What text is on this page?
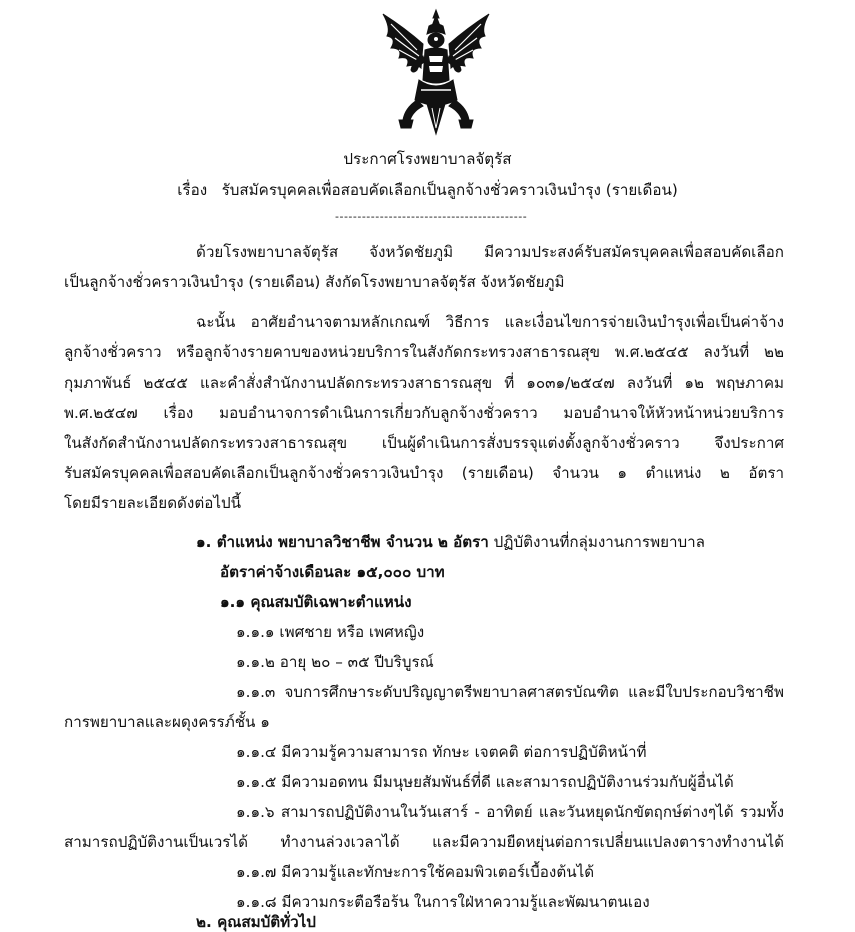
ประกาศโรงพยาบาลจัตุรัส
เรื่อง รับสมัครบุคคลเพื่อสอบคัดเลือกเป็นลูกจ้างชั่วคราวเงินบำรุง (รายเดือน)
-------------------------------------------
ด้วยโรงพยาบาลจัตุรัส จังหวัดชัยภูมิ มีความประสงค์รับสมัครบุคคลเพื่อสอบคัดเลือก
เป็นลูกจ้างชั่วคราวเงินบำรุง (รายเดือน) สังกัดโรงพยาบาลจัตุรัส จังหวัดชัยภูมิ
ฉะนั้น อาศัยอำนาจตามหลักเกณฑ์ วิธีการ และเงื่อนไขการจ่ายเงินบำรุงเพื่อเป็นค่าจ้าง
ลูกจ้างชั่วคราว หรือลูกจ้างรายคาบของหน่วยบริการในสังกัดกระทรวงสาธารณสุข พ.ศ.๒๕๔๕ ลงวันที่ ๒๒
กุมภาพันธ์ ๒๕๔๕ และคำสั่งสำนักงานปลัดกระทรวงสาธารณสุข ที่ ๑๐๓๑/๒๕๔๗ ลงวันที่ ๑๒ พฤษภาคม
พ.ศ.๒๕๔๗ เรื่อง มอบอำนาจการดำเนินการเกี่ยวกับลูกจ้างชั่วคราว มอบอำนาจให้หัวหน้าหน่วยบริการ
ในสังกัดสำนักงานปลัดกระทรวงสาธารณสุข เป็นผู้ดำเนินการสั่งบรรจุแต่งตั้งลูกจ้างชั่วคราว จึงประกาศ
รับสมัครบุคคลเพื่อสอบคัดเลือกเป็นลูกจ้างชั่วคราวเงินบำรุง (รายเดือน) จำนวน ๑ ตำแหน่ง ๒ อัตรา
โดยมีรายละเอียดดังต่อไปนี้
๑. ตำแหน่ง พยาบาลวิชาชีพ จำนวน ๒ อัตรา ปฏิบัติงานที่กลุ่มงานการพยาบาล
อัตราค่าจ้างเดือนละ ๑๕,๐๐๐ บาท
๑.๑ คุณสมบัติเฉพาะตำแหน่ง
๑.๑.๑ เพศชาย หรือ เพศหญิง
๑.๑.๒ อายุ ๒๐ – ๓๕ ปีบริบูรณ์
๑.๑.๓ จบการศึกษาระดับปริญญาตรีพยาบาลศาสตรบัณฑิต และมีใบประกอบวิชาชีพ
การพยาบาลและผดุงครรภ์ชั้น ๑
๑.๑.๔ มีความรู้ความสามารถ ทักษะ เจตคติ ต่อการปฏิบัติหน้าที่
๑.๑.๕ มีความอดทน มีมนุษยสัมพันธ์ที่ดี และสามารถปฏิบัติงานร่วมกับผู้อื่นได้
๑.๑.๖ สามารถปฏิบัติงานในวันเสาร์ - อาทิตย์ และวันหยุดนักขัตฤกษ์ต่างๆได้ รวมทั้ง
สามารถปฏิบัติงานเป็นเวรได้ ทำงานล่วงเวลาได้ และมีความยืดหยุ่นต่อการเปลี่ยนแปลงตารางทำงานได้
๑.๑.๗ มีความรู้และทักษะการใช้คอมพิวเตอร์เบื้องต้นได้
๑.๑.๘ มีความกระตือรือร้น ในการใฝ่หาความรู้และพัฒนาตนเอง
๒. คุณสมบัติทั่วไป
